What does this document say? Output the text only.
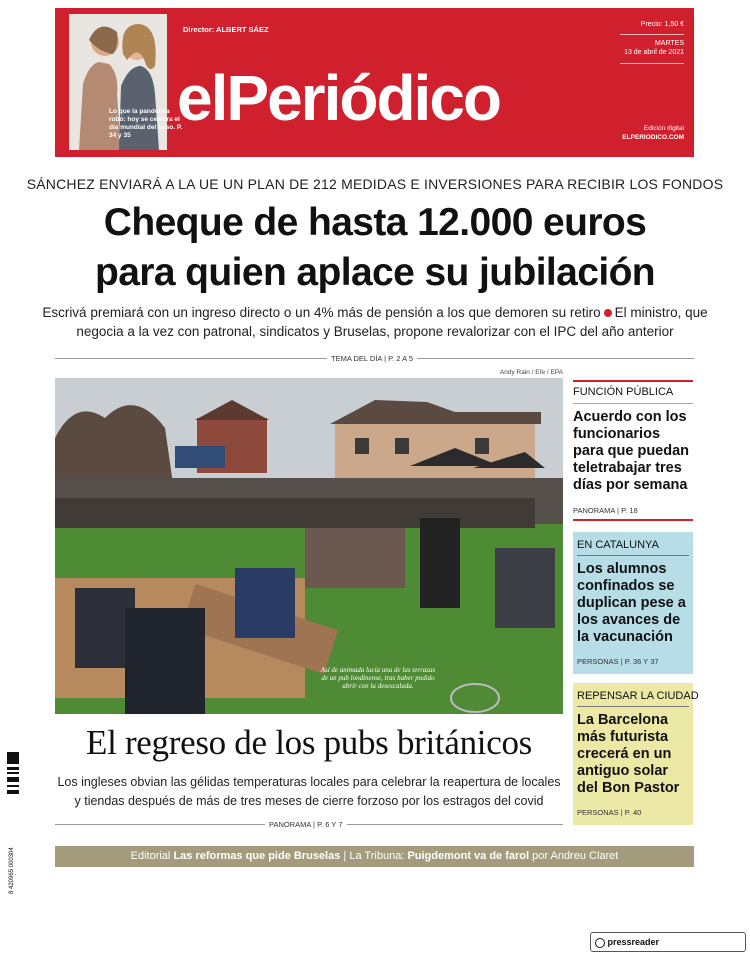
Lo que la pandemia robó: hoy se celebra el día mundial del beso. P. 34 y 35
Director: ALBERT SÁEZ
elPeriódico
Precio: 1,50 €
MARTES
13 de abril de 2021
Edición digital
ELPERIODICO.COM
SÁNCHEZ ENVIARÁ A LA UE UN PLAN DE 212 MEDIDAS E INVERSIONES PARA RECIBIR LOS FONDOS
Cheque de hasta 12.000 euros
para quien aplace su jubilación
Escrivá premiará con un ingreso directo o un 4% más de pensión a los que demoren su retiro El ministro, que negocia a la vez con patronal, sindicatos y Bruselas, propone revalorizar con el IPC del año anterior
TEMA DEL DÍA | P. 2 A 5
Andy Rain / Efe / EPA
Así de animada lucía una de las terrazas de un pub londinense, tras haber podido abrir con la desescalada.
El regreso de los pubs británicos
Los ingleses obvian las gélidas temperaturas locales para celebrar la reapertura de locales y tiendas después de más de tres meses de cierre forzoso por los estragos del covid
PANORAMA | P. 6 Y 7
FUNCIÓN PÚBLICA
Acuerdo con los funcionarios para que puedan teletrabajar tres días por semana
PANORAMA | P. 18
EN CATALUNYA
Los alumnos confinados se duplican pese a los avances de la vacunación
PERSONAS | P. 36 Y 37
REPENSAR LA CIUDAD
La Barcelona más futurista crecerá en un antiguo solar del Bon Pastor
PERSONAS | P. 40
Editorial Las reformas que pide Bruselas | La Tribuna: Puigdemont va de farol por Andreu Claret
8 420965 000304
pressreader
